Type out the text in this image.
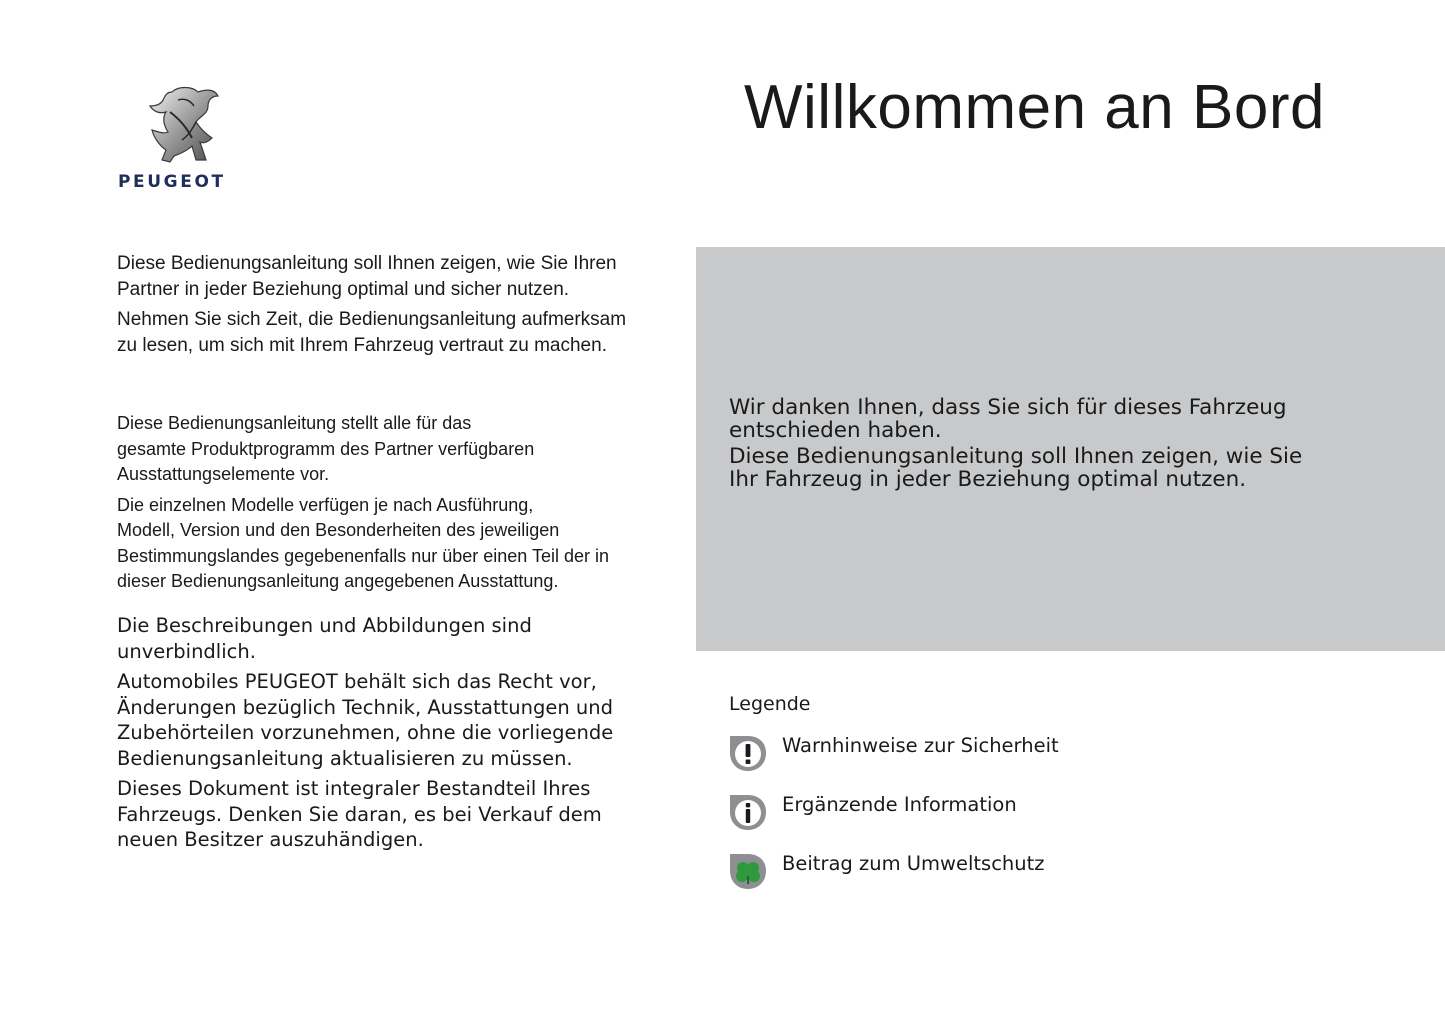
PEUGEOT
Willkommen an Bord

Diese Bedienungsanleitung soll Ihnen zeigen, wie Sie Ihren
Partner in jeder Beziehung optimal und sicher nutzen.

Nehmen Sie sich Zeit, die Bedienungsanleitung aufmerksam
zu lesen, um sich mit Ihrem Fahrzeug vertraut zu machen.

Diese Bedienungsanleitung stellt alle für das
gesamte Produktprogramm des Partner verfügbaren
Ausstattungselemente vor.

Die einzelnen Modelle verfügen je nach Ausführung,
Modell, Version und den Besonderheiten des jeweiligen
Bestimmungslandes gegebenenfalls nur über einen Teil der in
dieser Bedienungsanleitung angegebenen Ausstattung.

Die Beschreibungen und Abbildungen sind
unverbindlich.

Automobiles PEUGEOT behält sich das Recht vor,
Änderungen bezüglich Technik, Ausstattungen und
Zubehörteilen vorzunehmen, ohne die vorliegende
Bedienungsanleitung aktualisieren zu müssen.

Dieses Dokument ist integraler Bestandteil Ihres
Fahrzeugs. Denken Sie daran, es bei Verkauf dem
neuen Besitzer auszuhändigen.

Wir danken Ihnen, dass Sie sich für dieses Fahrzeug
entschieden haben.

Diese Bedienungsanleitung soll Ihnen zeigen, wie Sie
Ihr Fahrzeug in jeder Beziehung optimal nutzen.

Legende
Warnhinweise zur Sicherheit
Ergänzende Information
Beitrag zum Umweltschutz
